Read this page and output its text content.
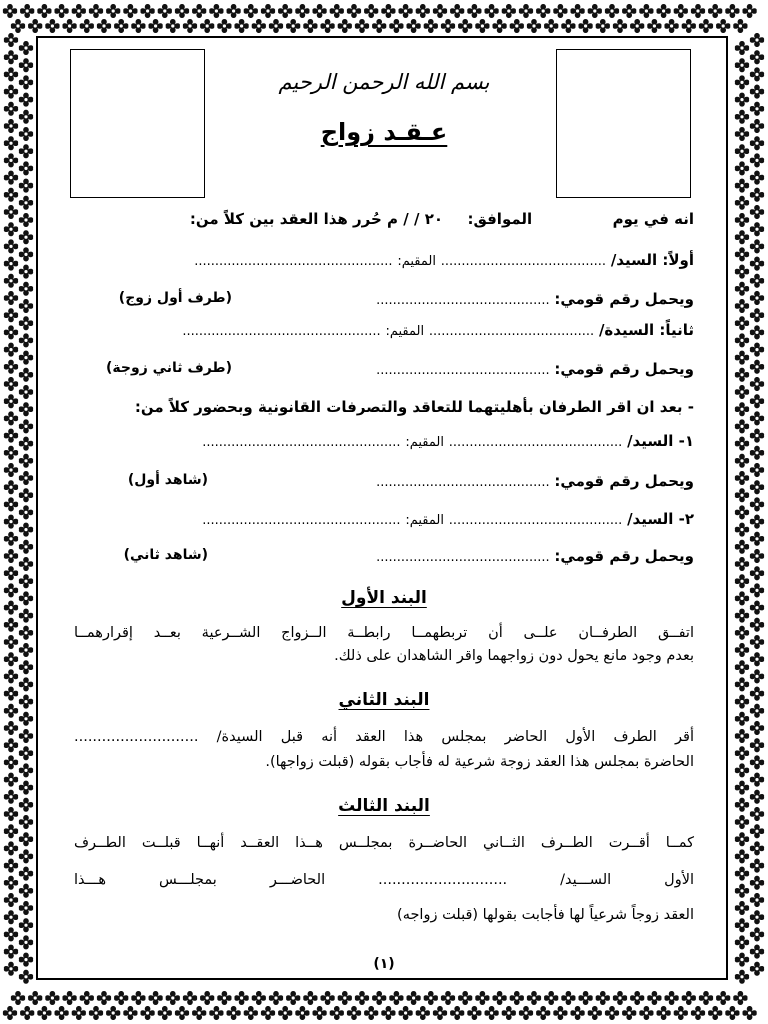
بسم الله الرحمن الرحيم
عـقـد زواج
انه في يوم  الموافق:  / / ٢٠ م حُرر هذا العقد بين كلاً من:
أولاً: السيد/ ........................................ المقيم: ................................................
ويحمل رقم قومي: ..........................................
(طرف أول زوج)
ثانياً: السيدة/ ........................................ المقيم: ................................................
ويحمل رقم قومي: ..........................................
(طرف ثاني زوجة)
- بعد ان اقر الطرفان بأهليتهما للتعاقد والتصرفات القانونية وبحضور كلاً من:
١- السيد/ .......................................... المقيم: ................................................
ويحمل رقم قومي: ..........................................
(شاهد أول)
٢- السيد/ .......................................... المقيم: ................................................
ويحمل رقم قومي: ..........................................
(شاهد ثاني)
البند الأول
اتفــق الطرفــان علــى أن تربطهمــا رابطــة الــزواج الشــرعية بعــد إقرارهمــا
بعدم وجود مانع يحول دون زواجهما واقر الشاهدان على ذلك.
البند الثاني
أقر الطرف الأول الحاضر بمجلس هذا العقد أنه قبل السيدة/ ...........................
الحاضرة بمجلس هذا العقد زوجة شرعية له فأجاب بقوله (قبلت زواجها).
البند الثالث
كمــا أقــرت الطــرف الثــاني الحاضــرة بمجلــس هــذا العقــد أنهــا قبلــت الطــرف
الأول الســـيد/ ............................ الحاضـــر بمجلـــس هـــذا
العقد زوجاً شرعياً لها فأجابت بقولها (قبلت زواجه)
(١)
